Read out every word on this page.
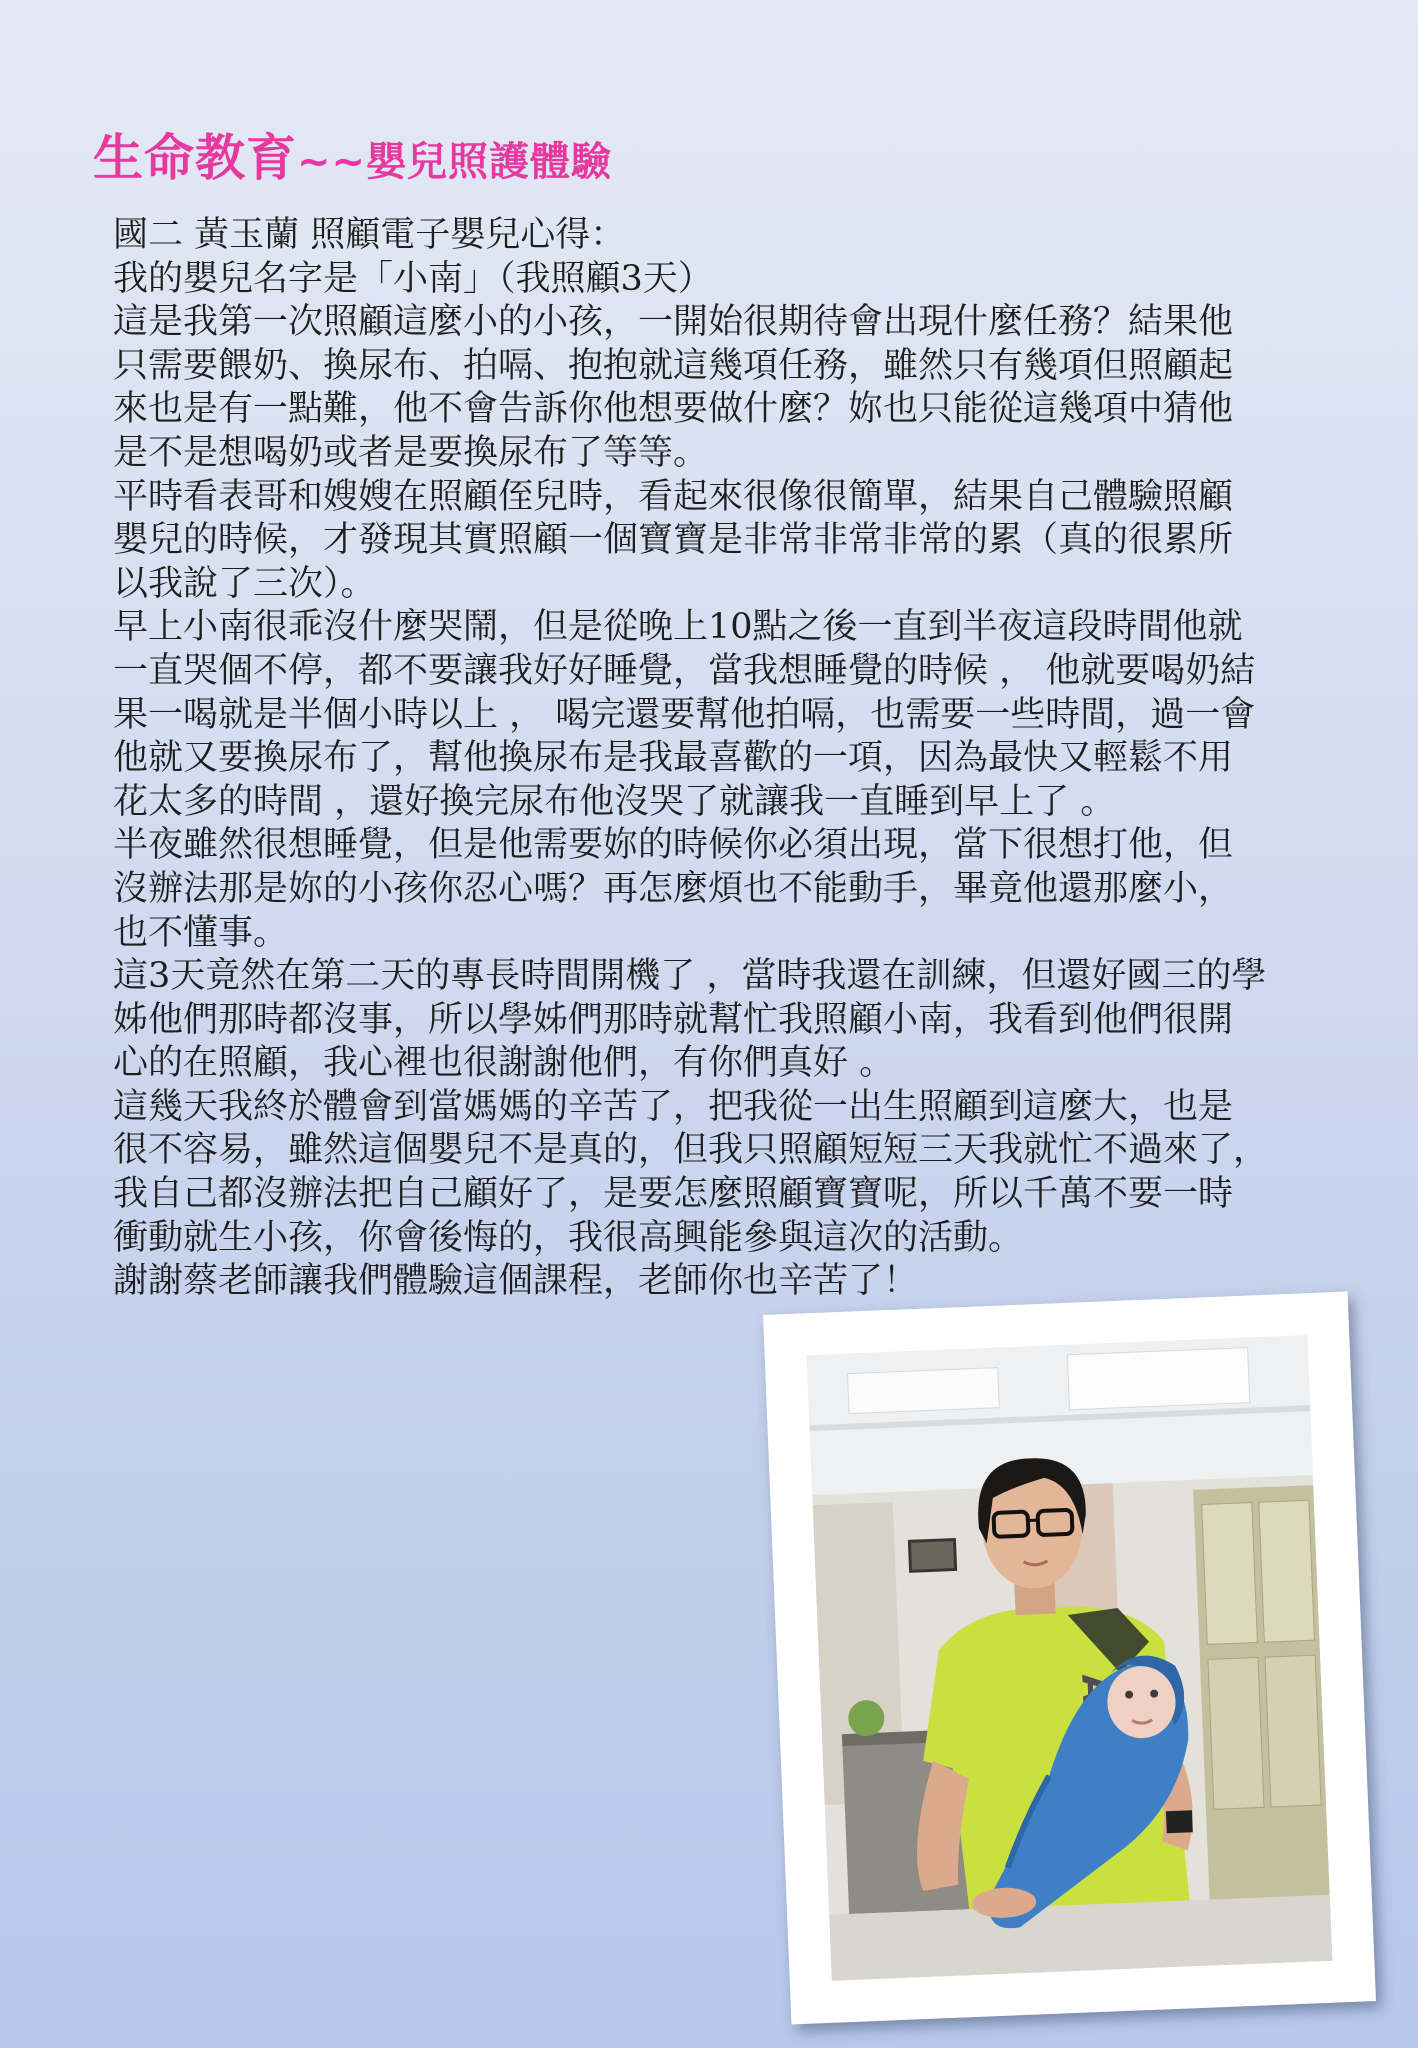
生命教育~~嬰兒照護體驗
國二 黃玉蘭 照顧電子嬰兒心得：
我的嬰兒名字是「小南」（我照顧3天）
這是我第一次照顧這麼小的小孩，一開始很期待會出現什麼任務？結果他
只需要餵奶、換尿布、拍嗝、抱抱就這幾項任務，雖然只有幾項但照顧起
來也是有一點難，他不會告訴你他想要做什麼？妳也只能從這幾項中猜他
是不是想喝奶或者是要換尿布了等等。
平時看表哥和嫂嫂在照顧侄兒時，看起來很像很簡單，結果自己體驗照顧
嬰兒的時候，才發現其實照顧一個寶寶是非常非常非常的累（真的很累所
以我說了三次）。
早上小南很乖沒什麼哭鬧，但是從晚上10點之後一直到半夜這段時間他就
一直哭個不停，都不要讓我好好睡覺，當我想睡覺的時候 ， 他就要喝奶結
果一喝就是半個小時以上 ， 喝完還要幫他拍嗝，也需要一些時間，過一會
他就又要換尿布了，幫他換尿布是我最喜歡的一項，因為最快又輕鬆不用
花太多的時間 ，還好換完尿布他沒哭了就讓我一直睡到早上了 。
半夜雖然很想睡覺，但是他需要妳的時候你必須出現，當下很想打他，但
沒辦法那是妳的小孩你忍心嗎？再怎麼煩也不能動手，畢竟他還那麼小，
也不懂事。
這3天竟然在第二天的專長時間開機了 ，當時我還在訓練，但還好國三的學
姊他們那時都沒事，所以學姊們那時就幫忙我照顧小南，我看到他們很開
心的在照顧，我心裡也很謝謝他們，有你們真好 。
這幾天我終於體會到當媽媽的辛苦了，把我從一出生照顧到這麼大，也是
很不容易，雖然這個嬰兒不是真的，但我只照顧短短三天我就忙不過來了，
我自己都沒辦法把自己顧好了，是要怎麼照顧寶寶呢，所以千萬不要一時
衝動就生小孩，你會後悔的，我很高興能參與這次的活動。
謝謝蔡老師讓我們體驗這個課程，老師你也辛苦了！
